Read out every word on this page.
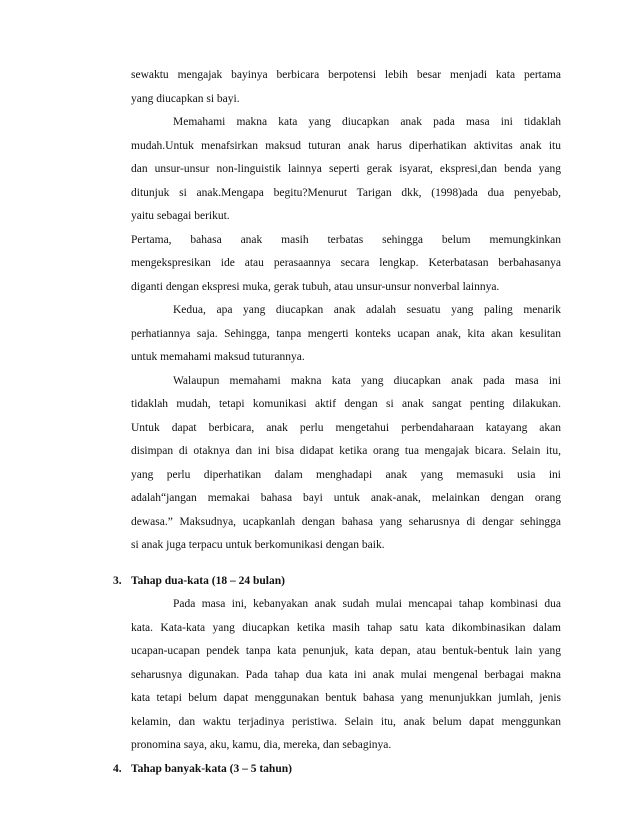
sewaktu mengajak bayinya berbicara berpotensi lebih besar menjadi kata pertama
yang diucapkan si bayi.
Memahami makna kata yang diucapkan anak pada masa ini tidaklah
mudah.Untuk menafsirkan maksud tuturan anak harus diperhatikan aktivitas anak itu
dan unsur-unsur non-linguistik lainnya seperti gerak isyarat, ekspresi,dan benda yang
ditunjuk si anak.Mengapa begitu?Menurut Tarigan dkk, (1998)ada dua penyebab,
yaitu sebagai berikut.
Pertama, bahasa anak masih terbatas sehingga belum memungkinkan
mengekspresikan ide atau perasaannya secara lengkap. Keterbatasan berbahasanya
diganti dengan ekspresi muka, gerak tubuh, atau unsur-unsur nonverbal lainnya.
Kedua, apa yang diucapkan anak adalah sesuatu yang paling menarik
perhatiannya saja. Sehingga, tanpa mengerti konteks ucapan anak, kita akan kesulitan
untuk memahami maksud tuturannya.
Walaupun memahami makna kata yang diucapkan anak pada masa ini
tidaklah mudah, tetapi komunikasi aktif dengan si anak sangat penting dilakukan.
Untuk dapat berbicara, anak perlu mengetahui perbendaharaan katayang akan
disimpan di otaknya dan ini bisa didapat ketika orang tua mengajak bicara. Selain itu,
yang perlu diperhatikan dalam menghadapi anak yang memasuki usia ini
adalah“jangan memakai bahasa bayi untuk anak-anak, melainkan dengan orang
dewasa.” Maksudnya, ucapkanlah dengan bahasa yang seharusnya di dengar sehingga
si anak juga terpacu untuk berkomunikasi dengan baik.
3. Tahap dua-kata (18 – 24 bulan)
Pada masa ini, kebanyakan anak sudah mulai mencapai tahap kombinasi dua
kata. Kata-kata yang diucapkan ketika masih tahap satu kata dikombinasikan dalam
ucapan-ucapan pendek tanpa kata penunjuk, kata depan, atau bentuk-bentuk lain yang
seharusnya digunakan. Pada tahap dua kata ini anak mulai mengenal berbagai makna
kata tetapi belum dapat menggunakan bentuk bahasa yang menunjukkan jumlah, jenis
kelamin, dan waktu terjadinya peristiwa. Selain itu, anak belum dapat menggunkan
pronomina saya, aku, kamu, dia, mereka, dan sebaginya.
4. Tahap banyak-kata (3 – 5 tahun)
